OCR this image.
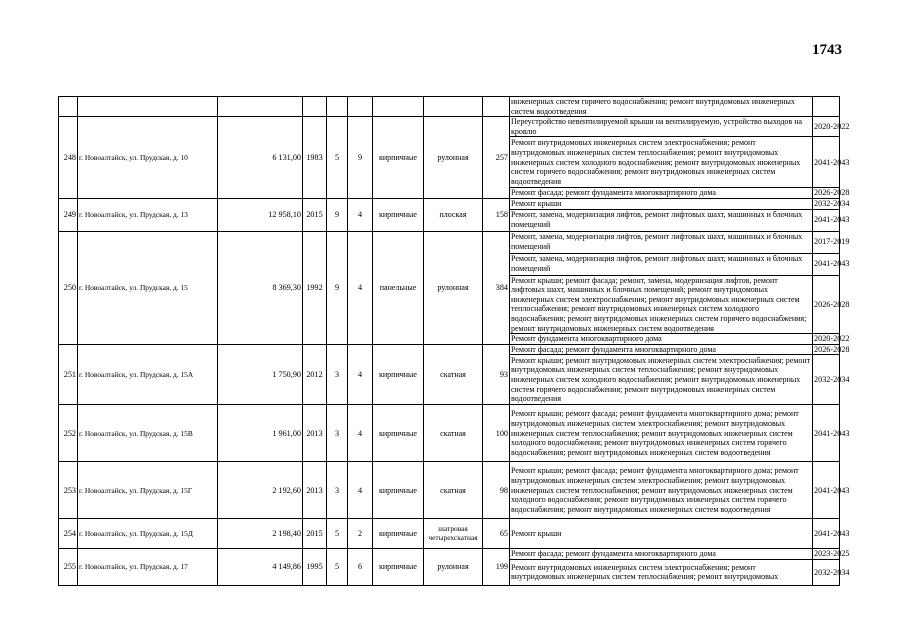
1743
									инженерных систем горячего водоснабжения; ремонт внутридомовых инженерных систем водоотведения	
248	г. Новоалтайск, ул. Прудская, д. 10	6 131,00	1983	5	9	кирпичные	рулонная	257	Переустройство невентилируемой крыши на вентилируемую, устройство выходов на кровлю	2020-2022
									Ремонт внутридомовых инженерных систем электроснабжения; ремонт внутридомовых инженерных систем теплоснабжения; ремонт внутридомовых инженерных систем холодного водоснабжения; ремонт внутридомовых инженерных систем горячего водоснабжения; ремонт внутридомовых инженерных систем водоотведения	2041-2043
									Ремонт фасада; ремонт фундамента многоквартирного дома	2026-2028
249	г. Новоалтайск, ул. Прудская, д. 13	12 958,10	2015	9	4	кирпичные	плоская	158	Ремонт крыши	2032-2034
									Ремонт, замена, модернизация лифтов, ремонт лифтовых шахт, машинных и блочных помещений	2041-2043
250	г. Новоалтайск, ул. Прудская, д. 15	8 369,30	1992	9	4	панельные	рулонная	384	Ремонт, замена, модернизация лифтов, ремонт лифтовых шахт, машинных и блочных помещений	2017-2019
									Ремонт, замена, модернизация лифтов, ремонт лифтовых шахт, машинных и блочных помещений	2041-2043
									Ремонт крыши; ремонт фасада; ремонт, замена, модернизация лифтов, ремонт лифтовых шахт, машинных и блочных помещений; ремонт внутридомовых инженерных систем электроснабжения; ремонт внутридомовых инженерных систем теплоснабжения; ремонт внутридомовых инженерных систем холодного водоснабжения; ремонт внутридомовых инженерных систем горячего водоснабжения; ремонт внутридомовых инженерных систем водоотведения	2026-2028
									Ремонт фундамента многоквартирного дома	2020-2022
251	г. Новоалтайск, ул. Прудская, д. 15А	1 750,90	2012	3	4	кирпичные	скатная	93	Ремонт фасада; ремонт фундамента многоквартирного дома	2026-2028
									Ремонт крыши; ремонт внутридомовых инженерных систем электроснабжения; ремонт внутридомовых инженерных систем теплоснабжения; ремонт внутридомовых инженерных систем холодного водоснабжения; ремонт внутридомовых инженерных систем горячего водоснабжения; ремонт внутридомовых инженерных систем водоотведения	2032-2034
252	г. Новоалтайск, ул. Прудская, д. 15В	1 961,00	2013	3	4	кирпичные	скатная	100	Ремонт крыши; ремонт фасада; ремонт фундамента многоквартирного дома; ремонт внутридомовых инженерных систем электроснабжения; ремонт внутридомовых инженерных систем теплоснабжения; ремонт внутридомовых инженерных систем холодного водоснабжения; ремонт внутридомовых инженерных систем горячего водоснабжения; ремонт внутридомовых инженерных систем водоотведения	2041-2043
253	г. Новоалтайск, ул. Прудская, д. 15Г	2 192,60	2013	3	4	кирпичные	скатная	98	Ремонт крыши; ремонт фасада; ремонт фундамента многоквартирного дома; ремонт внутридомовых инженерных систем электроснабжения; ремонт внутридомовых инженерных систем теплоснабжения; ремонт внутридомовых инженерных систем холодного водоснабжения; ремонт внутридомовых инженерных систем горячего водоснабжения; ремонт внутридомовых инженерных систем водоотведения	2041-2043
254	г. Новоалтайск, ул. Прудская, д. 15Д	2 198,40	2015	5	2	кирпичные	шатровая четырехскатная	65	Ремонт крыши	2041-2043
255	г. Новоалтайск, ул. Прудская, д. 17	4 149,86	1995	5	6	кирпичные	рулонная	199	Ремонт фасада; ремонт фундамента многоквартирного дома	2023-2025
									Ремонт внутридомовых инженерных систем электроснабжения; ремонт внутридомовых инженерных систем теплоснабжения; ремонт внутридомовых	2032-2034
